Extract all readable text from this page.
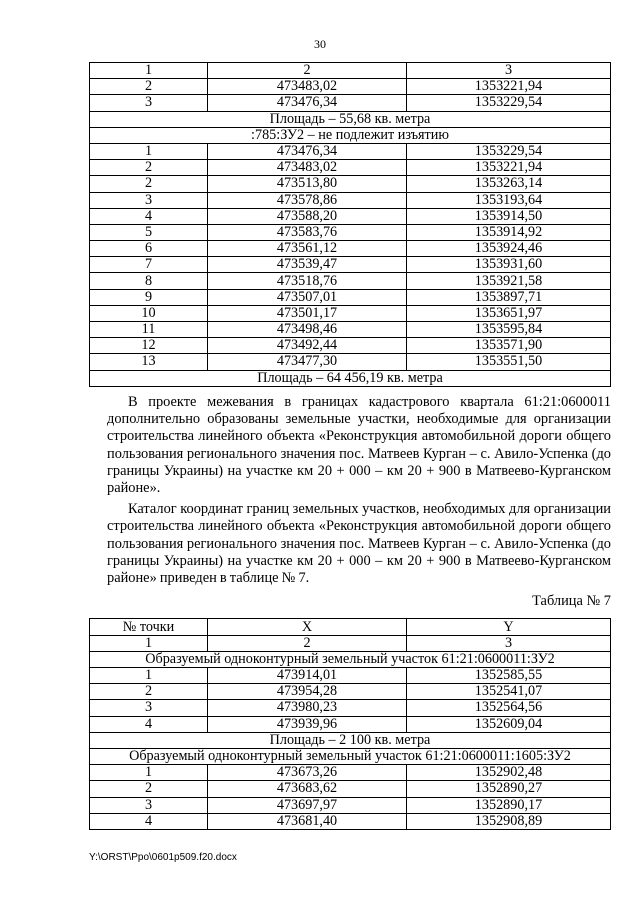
30
1	2	3
2	473483,02	1353221,94
3	473476,34	1353229,54
Площадь – 55,68 кв. метра		
:785:ЗУ2 – не подлежит изъятию		
1	473476,34	1353229,54
2	473483,02	1353221,94
2	473513,80	1353263,14
3	473578,86	1353193,64
4	473588,20	1353914,50
5	473583,76	1353914,92
6	473561,12	1353924,46
7	473539,47	1353931,60
8	473518,76	1353921,58
9	473507,01	1353897,71
10	473501,17	1353651,97
11	473498,46	1353595,84
12	473492,44	1353571,90
13	473477,30	1353551,50
Площадь – 64 456,19 кв. метра		

В проекте межевания в границах кадастрового квартала 61:21:0600011 дополнительно образованы земельные участки, необходимые для организации строительства линейного объекта «Реконструкция автомобильной дороги общего пользования регионального значения пос. Матвеев Курган – с. Авило-Успенка (до границы Украины) на участке км 20 + 000 – км 20 + 900 в Матвеево-Курганском районе».

Каталог координат границ земельных участков, необходимых для организации строительства линейного объекта «Реконструкция автомобильной дороги общего пользования регионального значения пос. Матвеев Курган – с. Авило-Успенка (до границы Украины) на участке км 20 + 000 – км 20 + 900 в Матвеево-Курганском районе» приведен в таблице № 7.

Таблица № 7
№ точки	X	Y
1	2	3
Образуемый одноконтурный земельный участок 61:21:0600011:ЗУ2		
1	473914,01	1352585,55
2	473954,28	1352541,07
3	473980,23	1352564,56
4	473939,96	1352609,04
Площадь – 2 100 кв. метра		
Образуемый одноконтурный земельный участок 61:21:0600011:1605:ЗУ2		
1	473673,26	1352902,48
2	473683,62	1352890,27
3	473697,97	1352890,17
4	473681,40	1352908,89
Y:\ORST\Ppo\0601p509.f20.docx
